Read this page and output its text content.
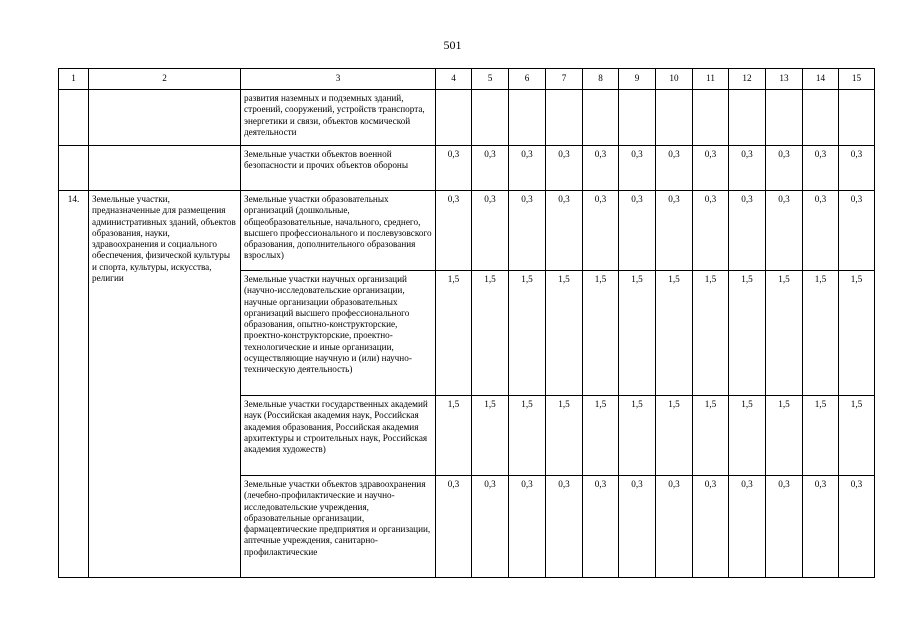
501
1	2	3	4	5	6	7	8	9	10	11	12	13	14	15
		развития наземных и подземных зданий, строений, сооружений, устройств транспорта, энергетики и связи, объектов космической деятельности												
		Земельные участки объектов военной безопасности и прочих объектов обороны	0,3	0,3	0,3	0,3	0,3	0,3	0,3	0,3	0,3	0,3	0,3	0,3
14.	Земельные участки, предназначенные для размещения административных зданий, объектов образования, науки, здравоохранения и социального обеспечения, физической культуры и спорта, культуры, искусства, религии	Земельные участки образовательных организаций (дошкольные, общеобразовательные, начального, среднего, высшего профессионального и послевузовского образования, дополнительного образования взрослых)	0,3	0,3	0,3	0,3	0,3	0,3	0,3	0,3	0,3	0,3	0,3	0,3
		Земельные участки научных организаций (научно-исследовательские организации, научные организации образовательных организаций высшего профессионального образования, опытно-конструкторские, проектно-конструкторские, проектно-технологические и иные организации, осуществляющие научную и (или) научно-техническую деятельность)	1,5	1,5	1,5	1,5	1,5	1,5	1,5	1,5	1,5	1,5	1,5	1,5
		Земельные участки государственных академий наук (Российская академия наук, Российская академия образования, Российская академия архитектуры и строительных наук, Российская академия художеств)	1,5	1,5	1,5	1,5	1,5	1,5	1,5	1,5	1,5	1,5	1,5	1,5
		Земельные участки объектов здравоохранения (лечебно-профилактические и научно-исследовательские учреждения, образовательные организации, фармацевтические предприятия и организации, аптечные учреждения, санитарно-профилактические	0,3	0,3	0,3	0,3	0,3	0,3	0,3	0,3	0,3	0,3	0,3	0,3
